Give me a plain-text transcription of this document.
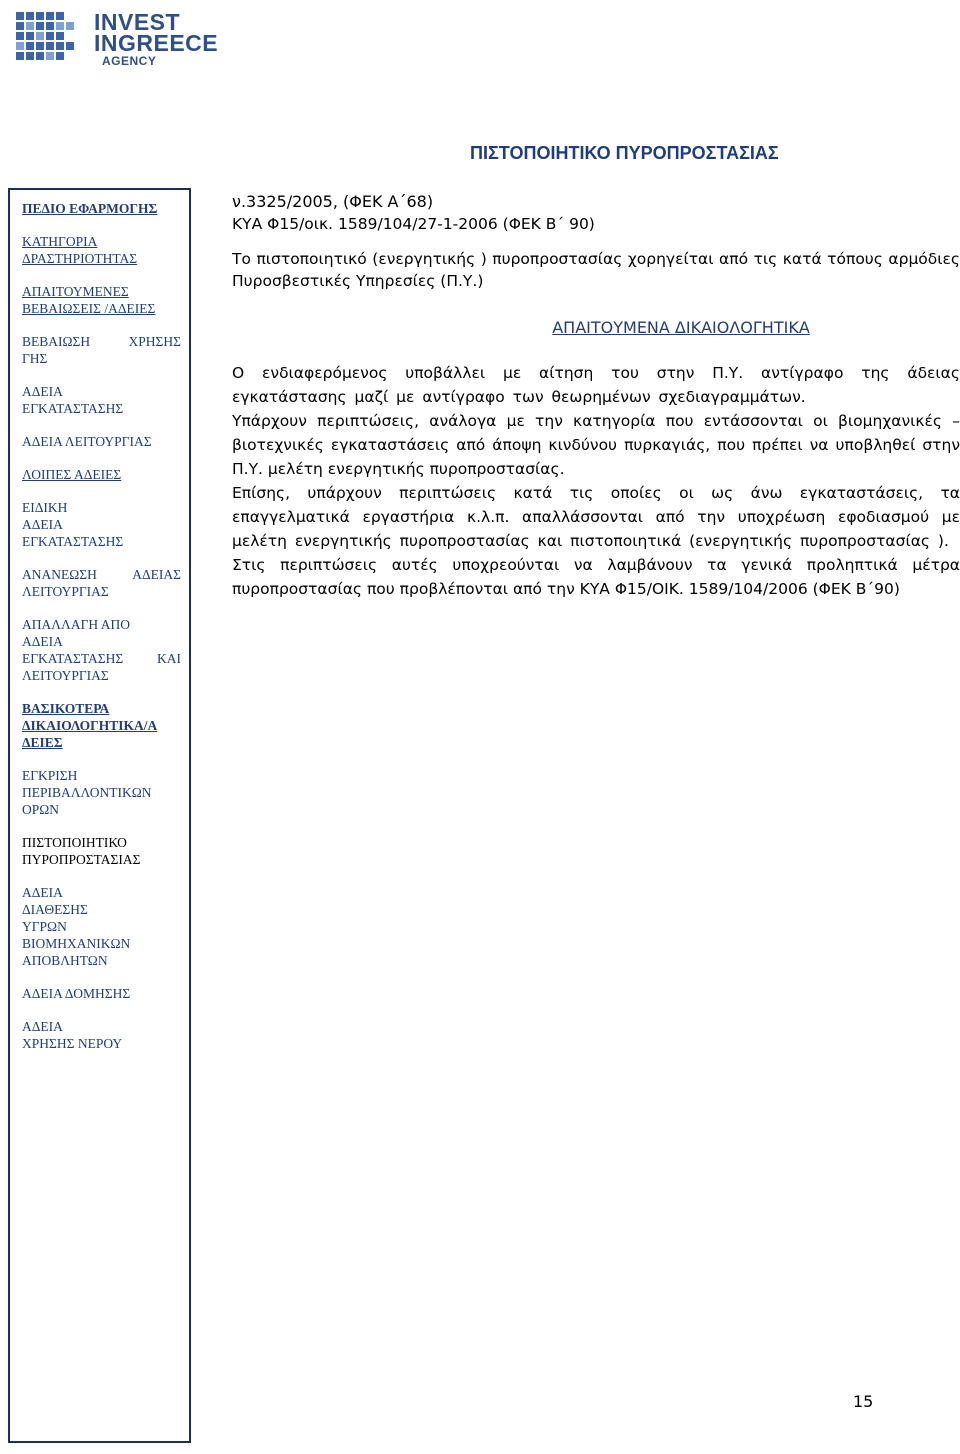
INVEST
INGREECE
AGENCY
ΠΙΣΤΟΠΟΙΗΤΙΚΟ ΠΥΡΟΠΡΟΣΤΑΣΙΑΣ
ΠΕΔΙΟ ΕΦΑΡΜΟΓΗΣ
ΚΑΤΗΓΟΡΙΑ ΔΡΑΣΤΗΡΙΟΤΗΤΑΣ
ΑΠΑΙΤΟΥΜΕΝΕΣ ΒΕΒΑΙΩΣΕΙΣ /ΑΔΕΙΕΣ
ΒΕΒΑΙΩΣΗ	ΧΡΗΣΗΣ
ΓΗΣ
ΑΔΕΙΑ
ΕΓΚΑΤΑΣΤΑΣΗΣ
ΑΔΕΙΑ ΛΕΙΤΟΥΡΓΙΑΣ
ΛΟΙΠΕΣ ΑΔΕΙΕΣ
ΕΙΔΙΚΗ
ΑΔΕΙΑ
ΕΓΚΑΤΑΣΤΑΣΗΣ
ΑΝΑΝΕΩΣΗ	ΑΔΕΙΑΣ
ΛΕΙΤΟΥΡΓΙΑΣ
ΑΠΑΛΛΑΓΗ ΑΠΟ
ΑΔΕΙΑ
ΕΓΚΑΤΑΣΤΑΣΗΣ	ΚΑΙ
ΛΕΙΤΟΥΡΓΙΑΣ
ΒΑΣΙΚΟΤΕΡΑ ΔΙΚΑΙΟΛΟΓΗΤΙΚΑ/Α ΔΕΙΕΣ
ΕΓΚΡΙΣΗ ΠΕΡΙΒΑΛΛΟΝΤΙΚΩΝ ΟΡΩΝ
ΠΙΣΤΟΠΟΙΗΤΙΚΟ ΠΥΡΟΠΡΟΣΤΑΣΙΑΣ
ΑΔΕΙΑ
ΔΙΑΘΕΣΗΣ
ΥΓΡΩΝ
ΒΙΟΜΗΧΑΝΙΚΩΝ
ΑΠΟΒΛΗΤΩΝ
ΑΔΕΙΑ ΔΟΜΗΣΗΣ
ΑΔΕΙΑ
ΧΡΗΣΗΣ ΝΕΡΟΥ
ν.3325/2005, (ΦΕΚ Α΄68)
ΚΥΑ Φ15/οικ. 1589/104/27-1-2006 (ΦΕΚ Β΄ 90)

Το πιστοποιητικό (ενεργητικής ) πυροπροστασίας χορηγείται από τις κατά τόπους αρμόδιες Πυροσβεστικές Υπηρεσίες (Π.Υ.)

ΑΠΑΙΤΟΥΜΕΝΑ ΔΙΚΑΙΟΛΟΓΗΤΙΚΑ

Ο ενδιαφερόμενος υποβάλλει με αίτηση του στην Π.Υ. αντίγραφο της άδειας εγκατάστασης μαζί με αντίγραφο των θεωρημένων σχεδιαγραμμάτων.

Υπάρχουν περιπτώσεις, ανάλογα με την κατηγορία που εντάσσονται οι βιομηχανικές – βιοτεχνικές εγκαταστάσεις από άποψη κινδύνου πυρκαγιάς, που πρέπει να υποβληθεί στην Π.Υ. μελέτη ενεργητικής πυροπροστασίας.

Επίσης, υπάρχουν περιπτώσεις κατά τις οποίες οι ως άνω εγκαταστάσεις, τα επαγγελματικά εργαστήρια κ.λ.π. απαλλάσσονται από την υποχρέωση εφοδιασμού με μελέτη ενεργητικής πυροπροστασίας και πιστοποιητικά (ενεργητικής πυροπροστασίας ).

Στις περιπτώσεις αυτές υποχρεούνται να λαμβάνουν τα γενικά προληπτικά μέτρα πυροπροστασίας που προβλέπονται από την ΚΥΑ Φ15/ΟΙΚ. 1589/104/2006 (ΦΕΚ Β΄90)

15
